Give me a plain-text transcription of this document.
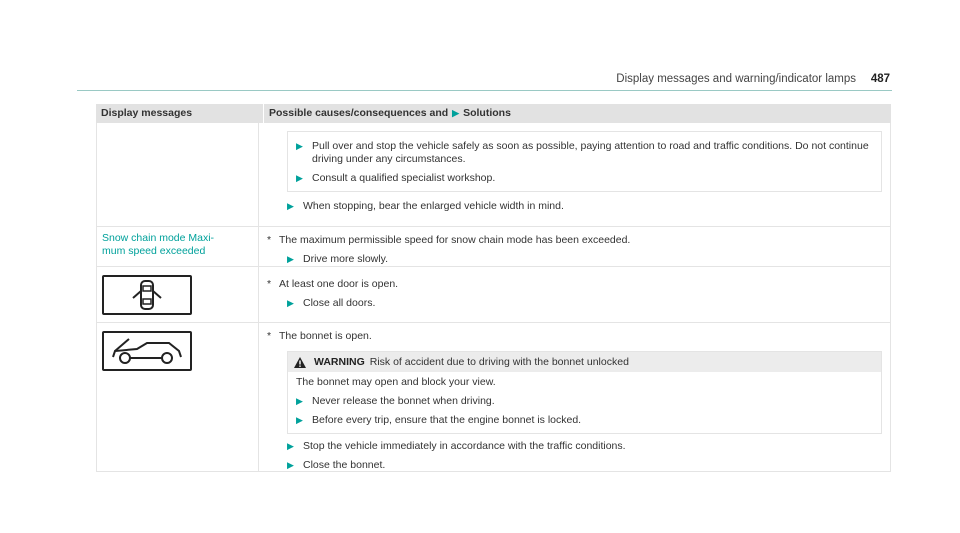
Display messages and warning/indicator lamps 487
Display messages	Possible causes/consequences and ▶ Solutions
▶ Pull over and stop the vehicle safely as soon as possible, paying attention to road and traffic conditions. Do not continue driving under any circumstances.
▶ Consult a qualified specialist workshop.
▶ When stopping, bear the enlarged vehicle width in mind.
Snow chain mode Maxi-mum speed exceeded
* The maximum permissible speed for snow chain mode has been exceeded.
▶ Drive more slowly.
* At least one door is open.
▶ Close all doors.
* The bonnet is open.
WARNING Risk of accident due to driving with the bonnet unlocked
The bonnet may open and block your view.
▶ Never release the bonnet when driving.
▶ Before every trip, ensure that the engine bonnet is locked.
▶ Stop the vehicle immediately in accordance with the traffic conditions.
▶ Close the bonnet.
